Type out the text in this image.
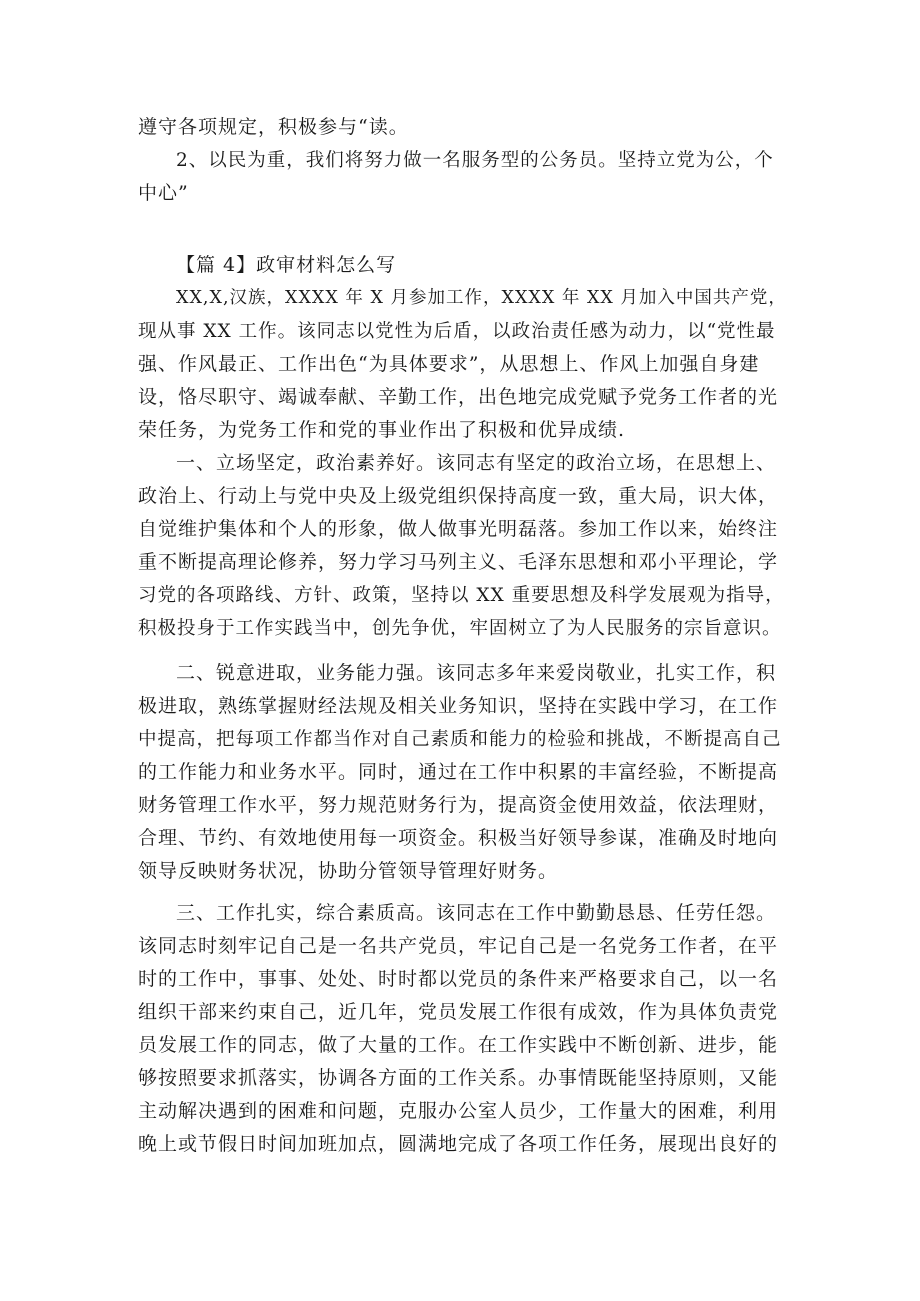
遵守各项规定，积极参与“读。
2、以民为重，我们将努力做一名服务型的公务员。坚持立党为公，个
中心”
【篇 4】政审材料怎么写
XX,X,汉族，XXXX 年 X 月参加工作，XXXX 年 XX 月加入中国共产党，
现从事 XX 工作。该同志以党性为后盾，以政治责任感为动力，以“党性最
强、作风最正、工作出色“为具体要求”，从思想上、作风上加强自身建
设，恪尽职守、竭诚奉献、辛勤工作，出色地完成党赋予党务工作者的光
荣任务，为党务工作和党的事业作出了积极和优异成绩.
一、立场坚定，政治素养好。该同志有坚定的政治立场，在思想上、
政治上、行动上与党中央及上级党组织保持高度一致，重大局，识大体，
自觉维护集体和个人的形象，做人做事光明磊落。参加工作以来，始终注
重不断提高理论修养，努力学习马列主义、毛泽东思想和邓小平理论，学
习党的各项路线、方针、政策，坚持以 XX 重要思想及科学发展观为指导，
积极投身于工作实践当中，创先争优，牢固树立了为人民服务的宗旨意识。
二、锐意进取，业务能力强。该同志多年来爱岗敬业，扎实工作，积
极进取，熟练掌握财经法规及相关业务知识，坚持在实践中学习，在工作
中提高，把每项工作都当作对自己素质和能力的检验和挑战，不断提高自己
的工作能力和业务水平。同时，通过在工作中积累的丰富经验，不断提高
财务管理工作水平，努力规范财务行为，提高资金使用效益，依法理财，
合理、节约、有效地使用每一项资金。积极当好领导参谋，准确及时地向
领导反映财务状况，协助分管领导管理好财务。
三、工作扎实，综合素质高。该同志在工作中勤勤恳恳、任劳任怨。
该同志时刻牢记自己是一名共产党员，牢记自己是一名党务工作者，在平
时的工作中，事事、处处、时时都以党员的条件来严格要求自己，以一名
组织干部来约束自己，近几年，党员发展工作很有成效，作为具体负责党
员发展工作的同志，做了大量的工作。在工作实践中不断创新、进步，能
够按照要求抓落实，协调各方面的工作关系。办事情既能坚持原则，又能
主动解决遇到的困难和问题，克服办公室人员少，工作量大的困难，利用
晚上或节假日时间加班加点，圆满地完成了各项工作任务，展现出良好的
